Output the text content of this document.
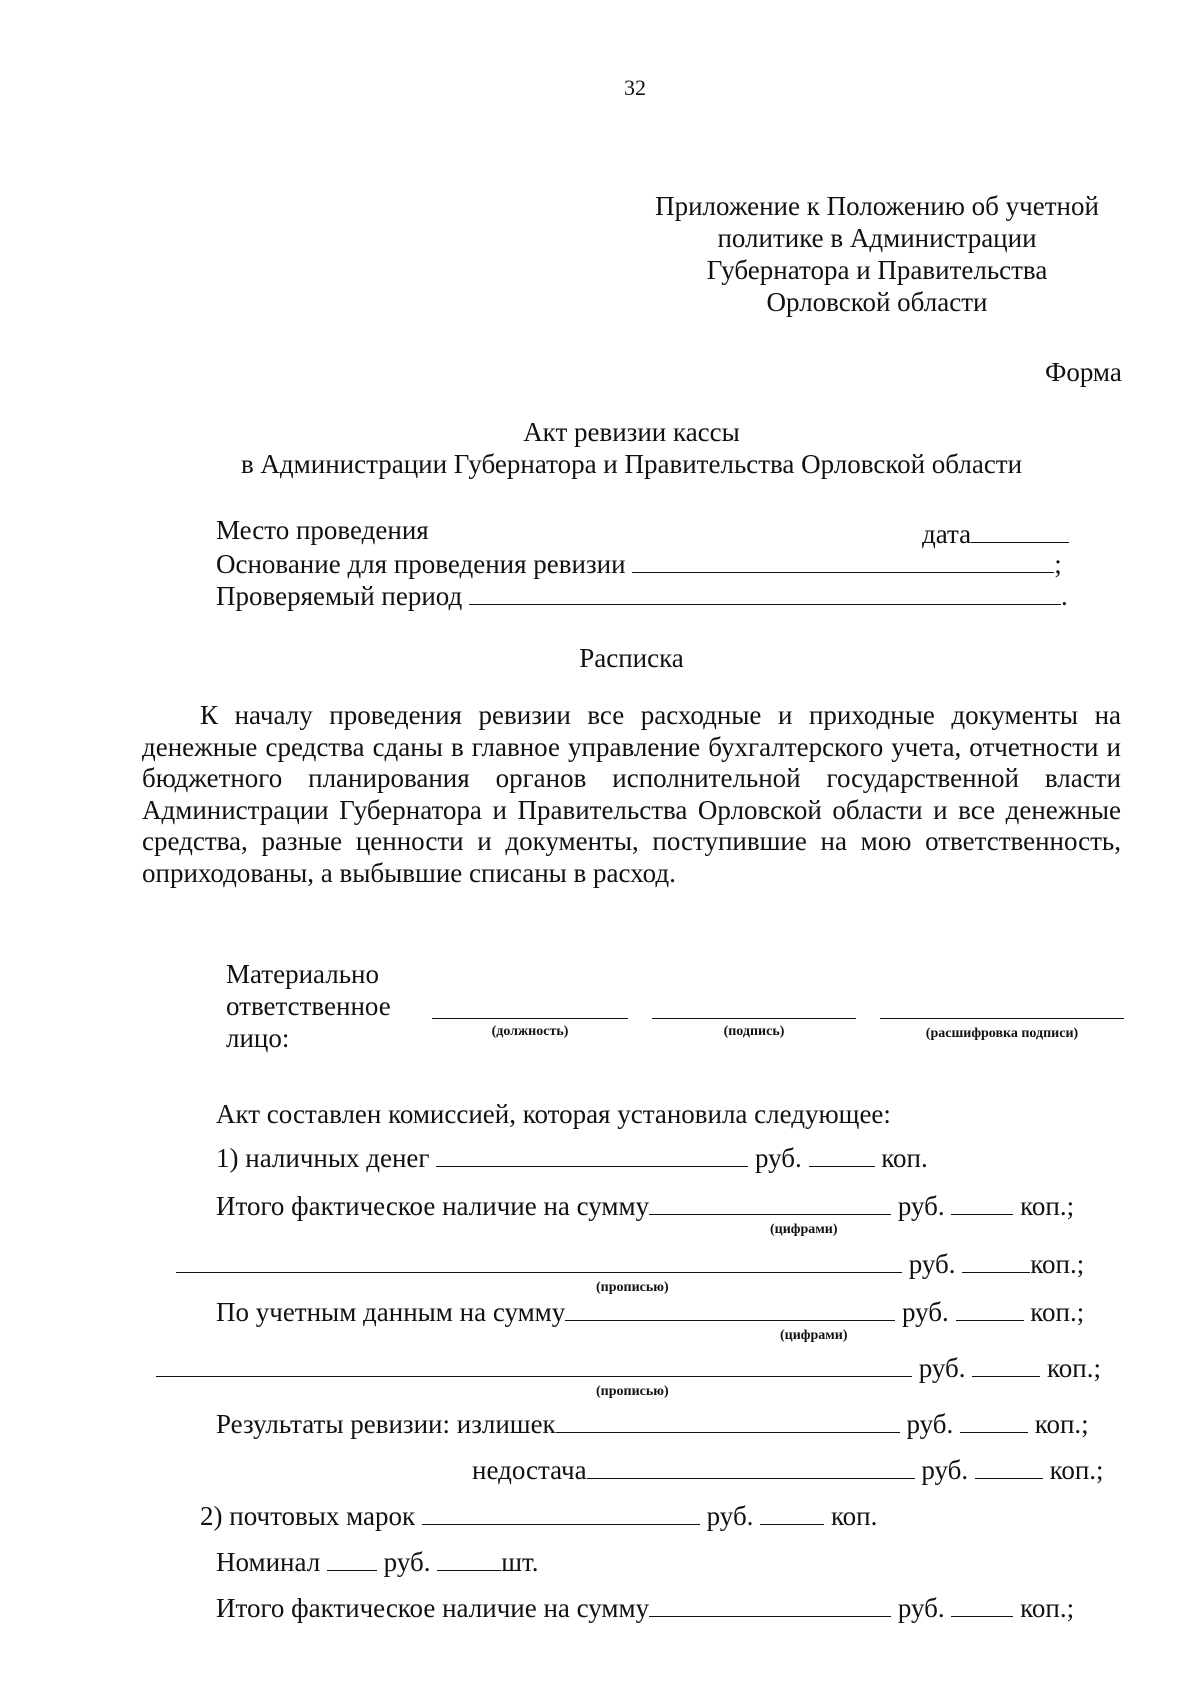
32
Приложение к Положению об учетной
политике в Администрации
Губернатора и Правительства
Орловской области
Форма
Акт ревизии кассы
в Администрации Губернатора и Правительства Орловской области
Место проведения	дата
Основание для проведения ревизии	;
Проверяемый период	.
Расписка
К началу проведения ревизии все расходные и приходные документы на денежные средства сданы в главное управление бухгалтерского учета, отчетности и бюджетного планирования органов исполнительной государственной власти Администрации Губернатора и Правительства Орловской области и все денежные средства, разные ценности и документы, поступившие на мою ответственность, оприходованы, а выбывшие списаны в расход.
Материально
ответственное
лицо:	(должность)	(подпись)	(расшифровка подписи)
Акт составлен комиссией, которая установила следующее:
1) наличных денег	руб.	коп.
Итого фактическое наличие на сумму	руб.	коп.;
(цифрами)
руб.	коп.;
(прописью)
По учетным данным на сумму	руб.	коп.;
(цифрами)
руб.	коп.;
(прописью)
Результаты ревизии: излишек	руб.	коп.;
недостача	руб.	коп.;
2) почтовых марок	руб.	коп.
Номинал руб.	шт.
Итого фактическое наличие на сумму	руб.	коп.;
